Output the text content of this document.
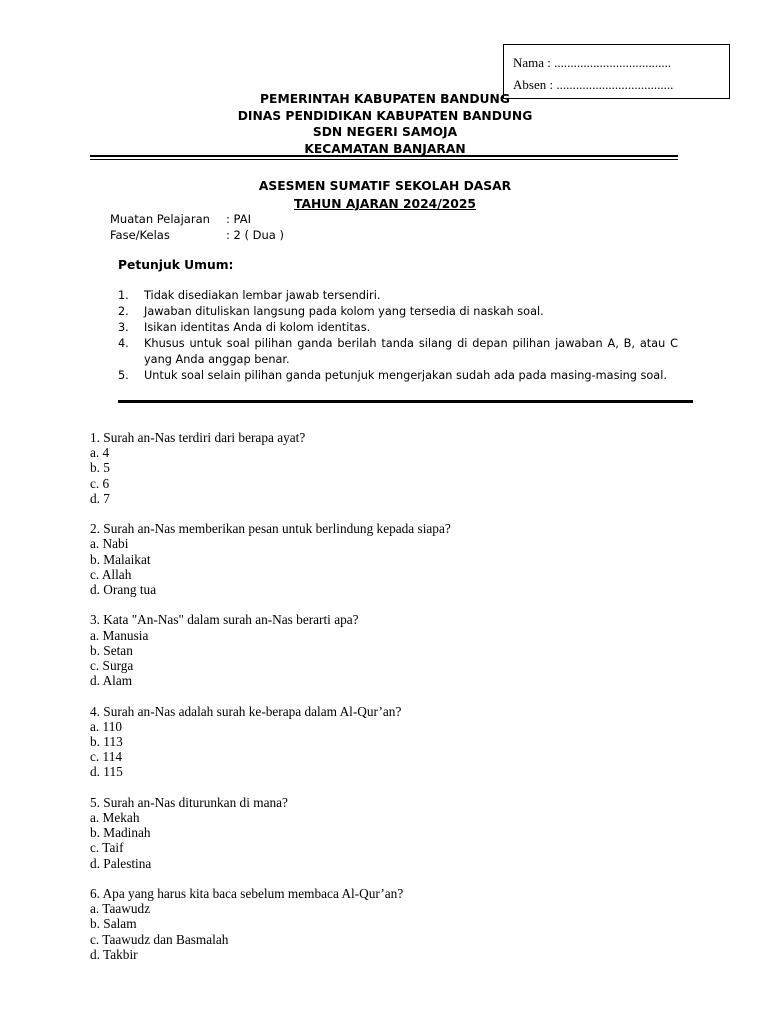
Nama : ....................................
Absen : ....................................
PEMERINTAH KABUPATEN BANDUNG
DINAS PENDIDIKAN KABUPATEN BANDUNG
SDN NEGERI SAMOJA
KECAMATAN BANJARAN
ASESMEN SUMATIF SEKOLAH DASAR
TAHUN AJARAN 2024/2025
Muatan Pelajaran : PAI
Fase/Kelas	: 2 ( Dua )
Petunjuk Umum:
1. Tidak disediakan lembar jawab tersendiri.
2. Jawaban dituliskan langsung pada kolom yang tersedia di naskah soal.
3. Isikan identitas Anda di kolom identitas.
4. Khusus untuk soal pilihan ganda berilah tanda silang di depan pilihan jawaban A, B, atau C yang Anda anggap benar.
5. Untuk soal selain pilihan ganda petunjuk mengerjakan sudah ada pada masing-masing soal.
1. Surah an-Nas terdiri dari berapa ayat?
a. 4
b. 5
c. 6
d. 7
2. Surah an-Nas memberikan pesan untuk berlindung kepada siapa?
a. Nabi
b. Malaikat
c. Allah
d. Orang tua
3. Kata "An-Nas" dalam surah an-Nas berarti apa?
a. Manusia
b. Setan
c. Surga
d. Alam
4. Surah an-Nas adalah surah ke-berapa dalam Al-Qur’an?
a. 110
b. 113
c. 114
d. 115
5. Surah an-Nas diturunkan di mana?
a. Mekah
b. Madinah
c. Taif
d. Palestina
6. Apa yang harus kita baca sebelum membaca Al-Qur’an?
a. Taawudz
b. Salam
c. Taawudz dan Basmalah
d. Takbir
